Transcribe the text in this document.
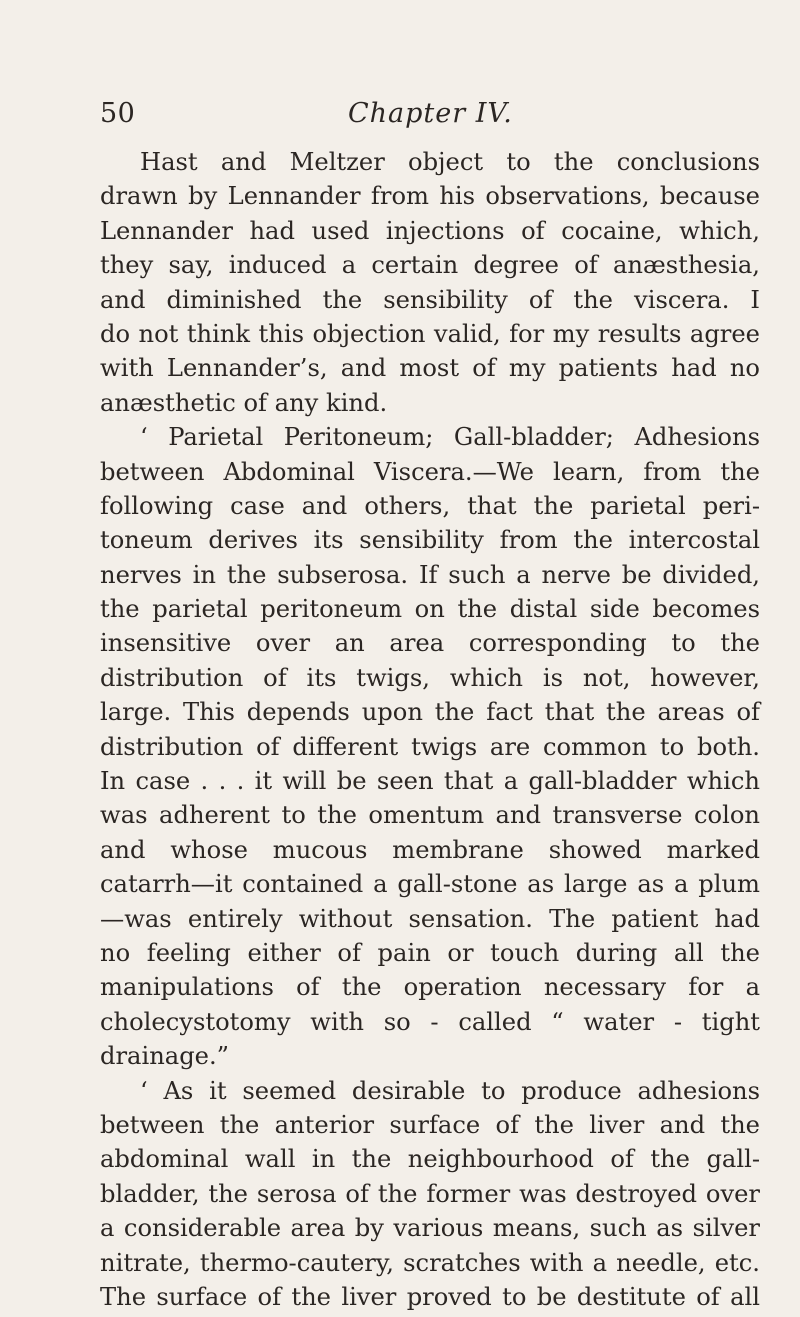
50	Chapter IV.
Hast and Meltzer object to the conclusions
drawn by Lennander from his observations, because
Lennander had used injections of cocaine, which,
they say, induced a certain degree of anæsthesia,
and diminished the sensibility of the viscera. I
do not think this objection valid, for my results agree
with Lennander’s, and most of my patients had no
anæsthetic of any kind.
‘ Parietal Peritoneum; Gall-bladder; Adhesions
between Abdominal Viscera.—We learn, from the
following case and others, that the parietal peri-
toneum derives its sensibility from the intercostal
nerves in the subserosa. If such a nerve be divided,
the parietal peritoneum on the distal side becomes
insensitive over an area corresponding to the
distribution of its twigs, which is not, however,
large. This depends upon the fact that the areas of
distribution of different twigs are common to both.
In case . . . it will be seen that a gall-bladder which
was adherent to the omentum and transverse colon
and whose mucous membrane showed marked
catarrh—it contained a gall-stone as large as a plum
—was entirely without sensation. The patient had
no feeling either of pain or touch during all the
manipulations of the operation necessary for a
cholecystotomy with so - called “ water - tight
drainage.”
‘ As it seemed desirable to produce adhesions
between the anterior surface of the liver and the
abdominal wall in the neighbourhood of the gall-
bladder, the serosa of the former was destroyed over
a considerable area by various means, such as silver
nitrate, thermo-cautery, scratches with a needle, etc.
The surface of the liver proved to be destitute of all
